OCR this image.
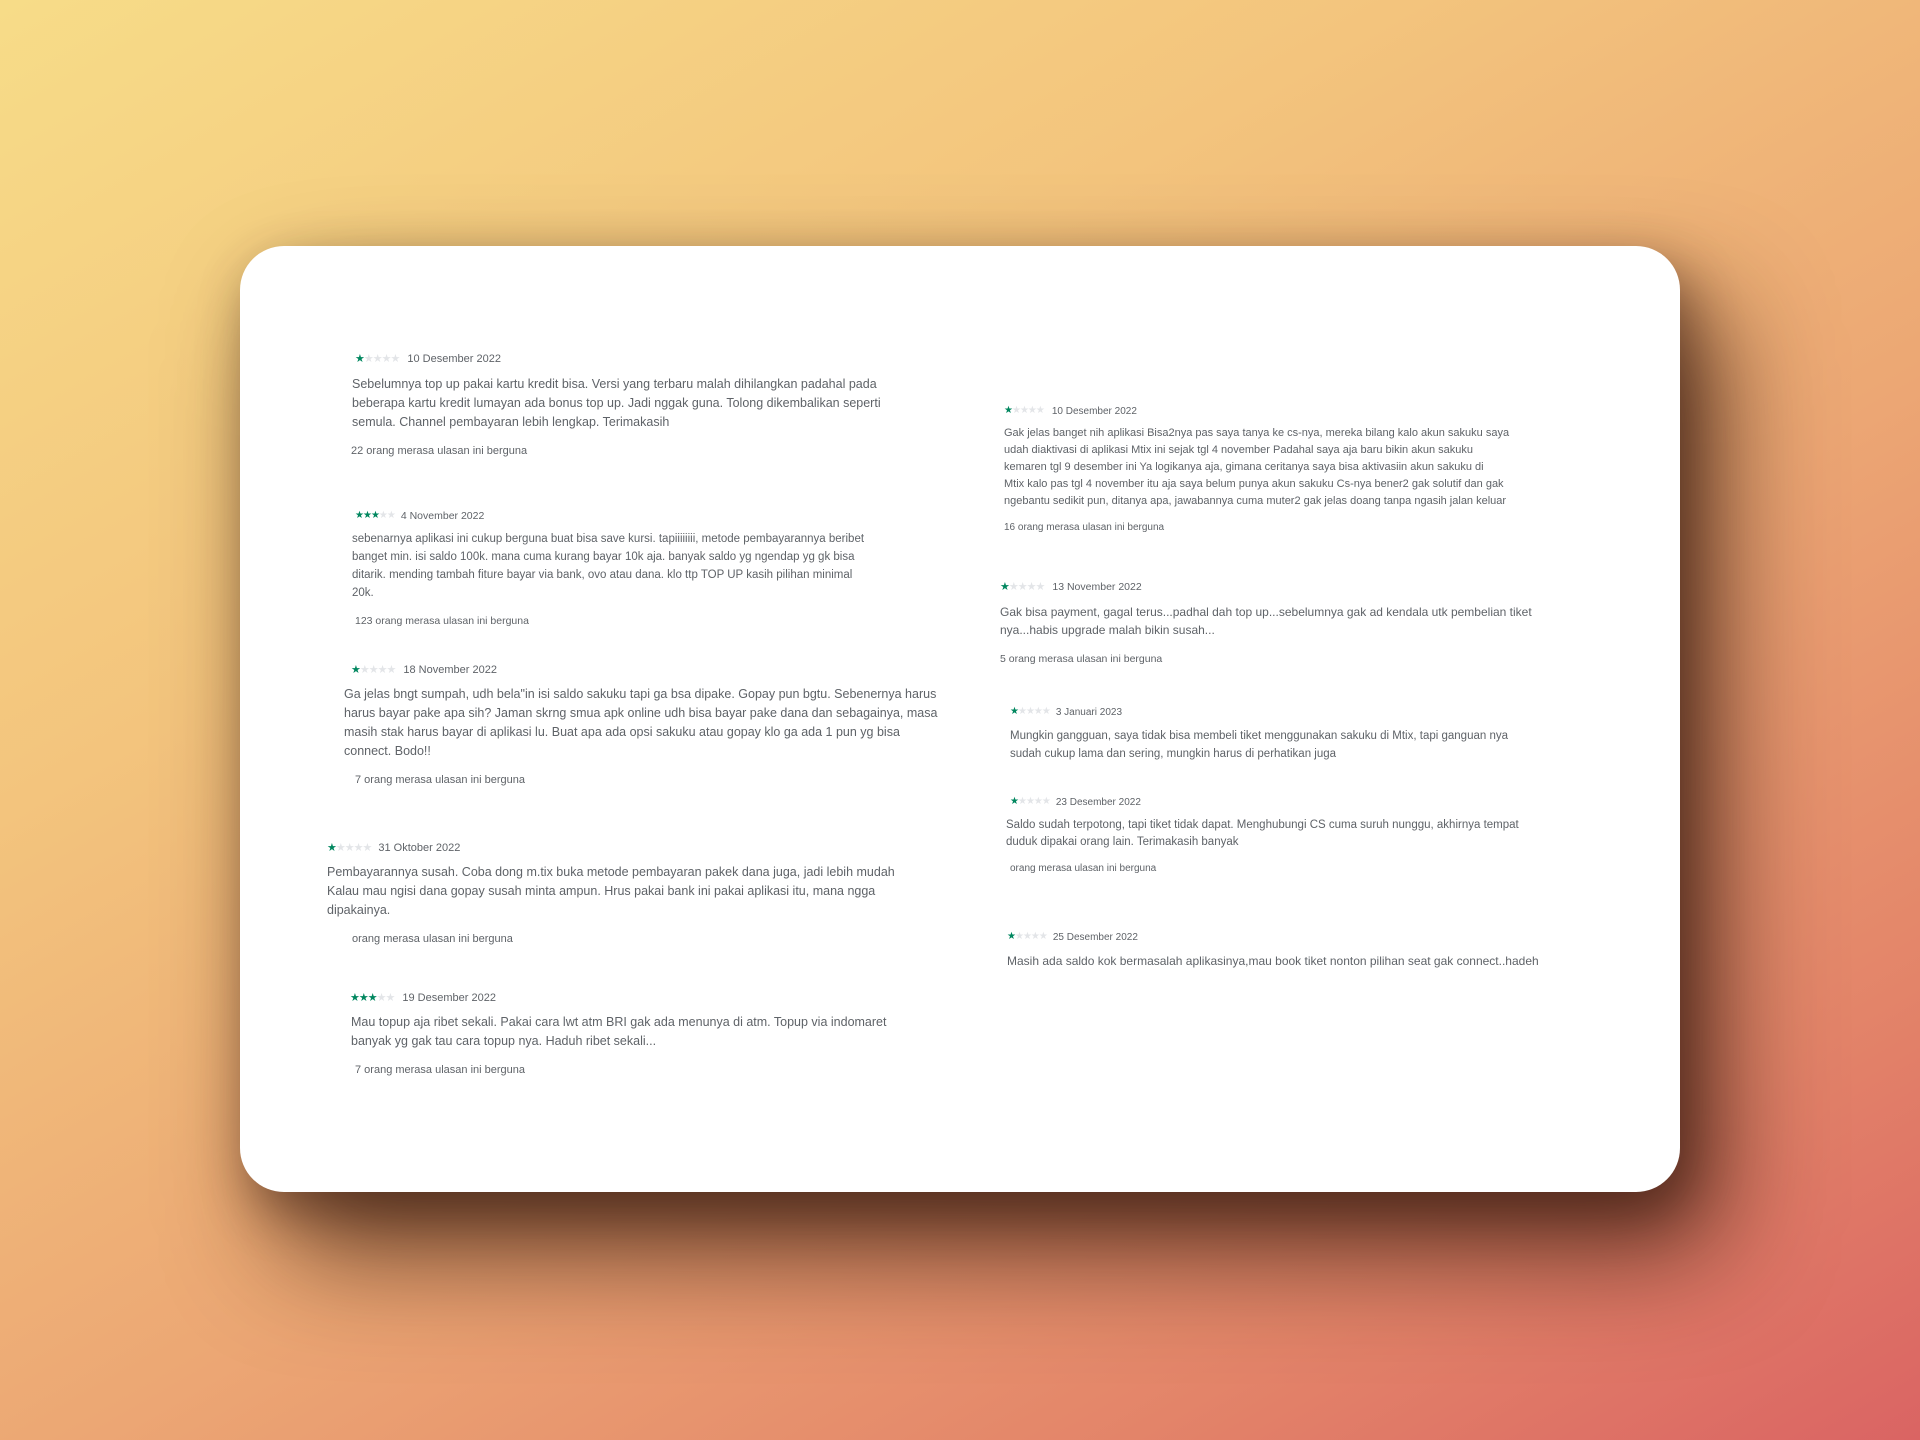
★ ★ ★ ★ ★ 10 Desember 2022
Sebelumnya top up pakai kartu kredit bisa. Versi yang terbaru malah dihilangkan padahal pada
beberapa kartu kredit lumayan ada bonus top up. Jadi nggak guna. Tolong dikembalikan seperti
semula. Channel pembayaran lebih lengkap. Terimakasih
22 orang merasa ulasan ini berguna
★ ★ ★ ★ ★ 4 November 2022
sebenarnya aplikasi ini cukup berguna buat bisa save kursi. tapiiiiiiii, metode pembayarannya beribet
banget min. isi saldo 100k. mana cuma kurang bayar 10k aja. banyak saldo yg ngendap yg gk bisa
ditarik. mending tambah fiture bayar via bank, ovo atau dana. klo ttp TOP UP kasih pilihan minimal
20k.
123 orang merasa ulasan ini berguna
★ ★ ★ ★ ★ 18 November 2022
Ga jelas bngt sumpah, udh bela"in isi saldo sakuku tapi ga bsa dipake. Gopay pun bgtu. Sebenernya harus
harus bayar pake apa sih? Jaman skrng smua apk online udh bisa bayar pake dana dan sebagainya, masa
masih stak harus bayar di aplikasi lu. Buat apa ada opsi sakuku atau gopay klo ga ada 1 pun yg bisa
connect. Bodo!!
7 orang merasa ulasan ini berguna
★ ★ ★ ★ ★ 31 Oktober 2022
Pembayarannya susah. Coba dong m.tix buka metode pembayaran pakek dana juga, jadi lebih mudah
Kalau mau ngisi dana gopay susah minta ampun. Hrus pakai bank ini pakai aplikasi itu, mana ngga
dipakainya.
orang merasa ulasan ini berguna
★ ★ ★ ★ ★ 19 Desember 2022
Mau topup aja ribet sekali. Pakai cara lwt atm BRI gak ada menunya di atm. Topup via indomaret
banyak yg gak tau cara topup nya. Haduh ribet sekali...
7 orang merasa ulasan ini berguna
★ ★ ★ ★ ★ 10 Desember 2022
Gak jelas banget nih aplikasi Bisa2nya pas saya tanya ke cs-nya, mereka bilang kalo akun sakuku saya
udah diaktivasi di aplikasi Mtix ini sejak tgl 4 november Padahal saya aja baru bikin akun sakuku
kemaren tgl 9 desember ini Ya logikanya aja, gimana ceritanya saya bisa aktivasiin akun sakuku di
Mtix kalo pas tgl 4 november itu aja saya belum punya akun sakuku Cs-nya bener2 gak solutif dan gak
ngebantu sedikit pun, ditanya apa, jawabannya cuma muter2 gak jelas doang tanpa ngasih jalan keluar
16 orang merasa ulasan ini berguna
★ ★ ★ ★ ★ 13 November 2022
Gak bisa payment, gagal terus...padhal dah top up...sebelumnya gak ad kendala utk pembelian tiket
nya...habis upgrade malah bikin susah...
5 orang merasa ulasan ini berguna
★ ★ ★ ★ ★ 3 Januari 2023
Mungkin gangguan, saya tidak bisa membeli tiket menggunakan sakuku di Mtix, tapi ganguan nya
sudah cukup lama dan sering, mungkin harus di perhatikan juga
★ ★ ★ ★ ★ 23 Desember 2022
Saldo sudah terpotong, tapi tiket tidak dapat. Menghubungi CS cuma suruh nunggu, akhirnya tempat
duduk dipakai orang lain. Terimakasih banyak
orang merasa ulasan ini berguna
★ ★ ★ ★ ★ 25 Desember 2022
Masih ada saldo kok bermasalah aplikasinya,mau book tiket nonton pilihan seat gak connect..hadeh
